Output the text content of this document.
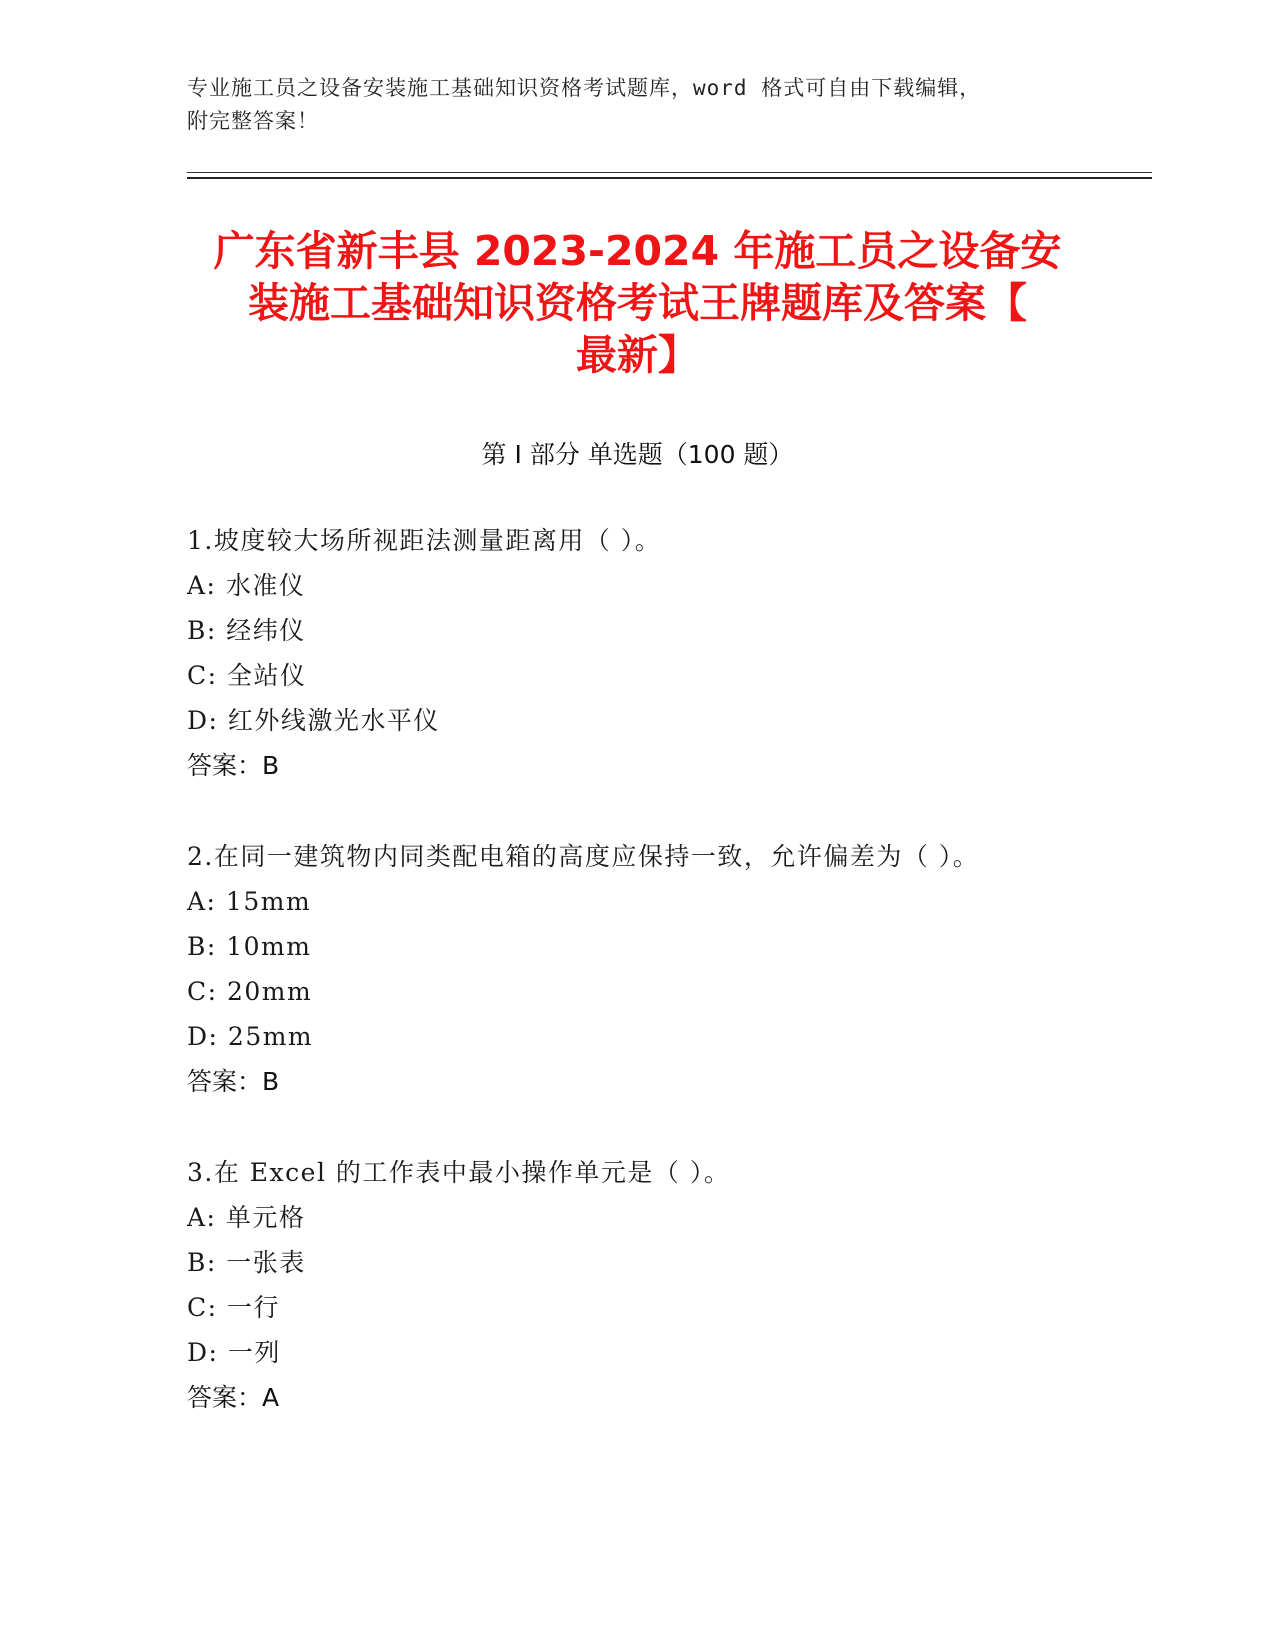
专业施工员之设备安装施工基础知识资格考试题库，word 格式可自由下载编辑，
附完整答案！
广东省新丰县 2023-2024 年施工员之设备安
装施工基础知识资格考试王牌题库及答案【
最新】
第 I 部分 单选题（100 题）
1.坡度较大场所视距法测量距离用（ ）。
A: 水准仪
B: 经纬仪
C: 全站仪
D: 红外线激光水平仪
答案：B
2.在同一建筑物内同类配电箱的高度应保持一致，允许偏差为（ ）。
A: 15mm
B: 10mm
C: 20mm
D: 25mm
答案：B
3.在 Excel 的工作表中最小操作单元是（ ）。
A: 单元格
B: 一张表
C: 一行
D: 一列
答案：A
